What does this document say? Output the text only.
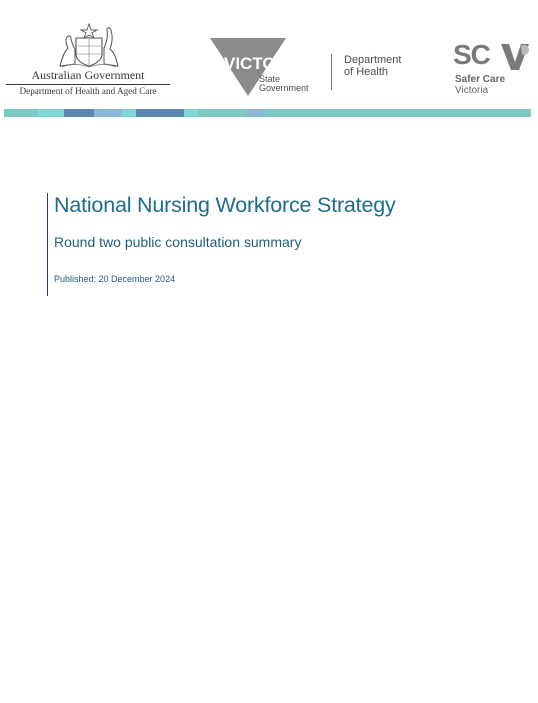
Australian Government
Department of Health and Aged Care
VICTORIA
State
Government
Department
of Health
SC
Safer Care
Victoria
National Nursing Workforce Strategy
Round two public consultation summary
Published: 20 December 2024
